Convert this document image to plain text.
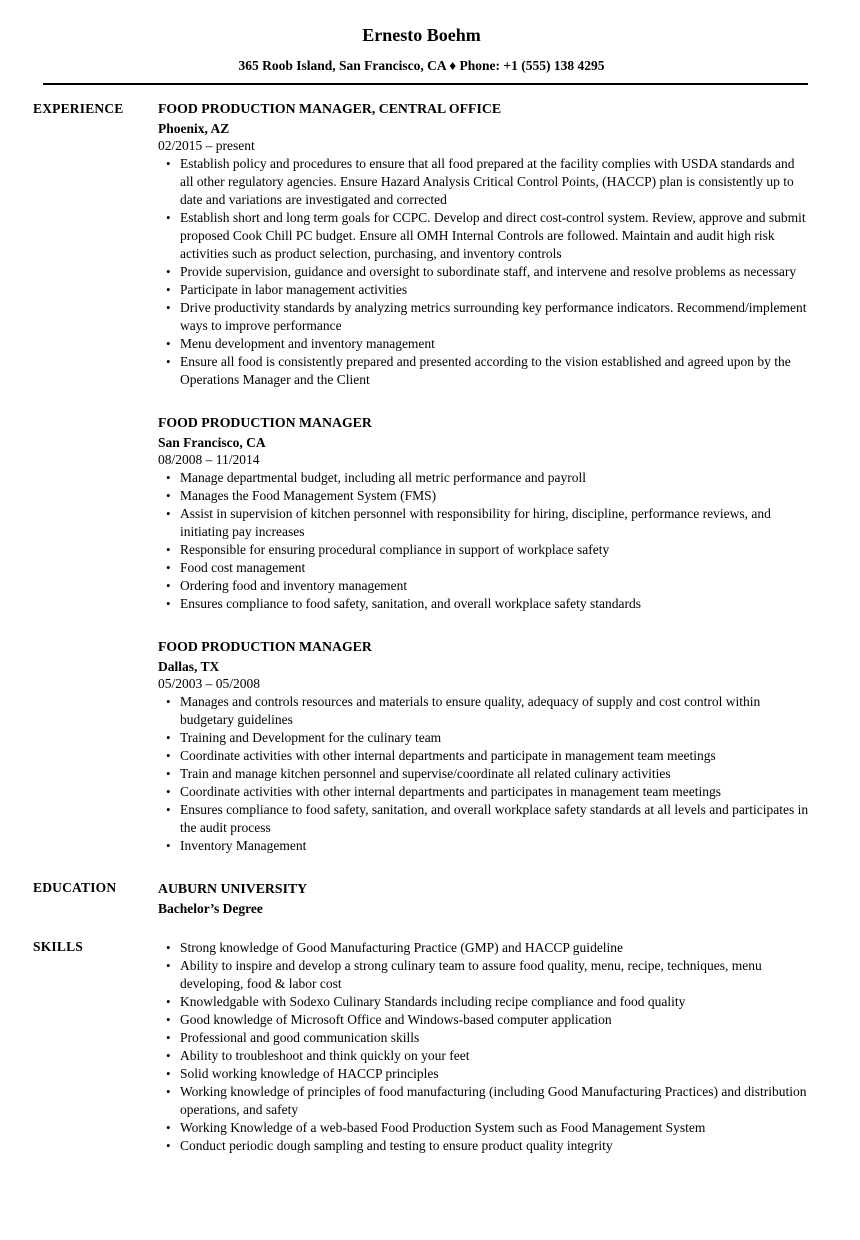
Ernesto Boehm
365 Roob Island, San Francisco, CA ♦ Phone: +1 (555) 138 4295
EXPERIENCE	FOOD PRODUCTION MANAGER, CENTRAL OFFICE
Phoenix, AZ
02/2015 – present
• Establish policy and procedures to ensure that all food prepared at the facility complies with USDA standards and all other regulatory agencies. Ensure Hazard Analysis Critical Control Points, (HACCP) plan is consistently up to date and variations are investigated and corrected
• Establish short and long term goals for CCPC. Develop and direct cost-control system. Review, approve and submit proposed Cook Chill PC budget. Ensure all OMH Internal Controls are followed. Maintain and audit high risk activities such as product selection, purchasing, and inventory controls
• Provide supervision, guidance and oversight to subordinate staff, and intervene and resolve problems as necessary
• Participate in labor management activities
• Drive productivity standards by analyzing metrics surrounding key performance indicators. Recommend/implement ways to improve performance
• Menu development and inventory management
• Ensure all food is consistently prepared and presented according to the vision established and agreed upon by the Operations Manager and the Client
FOOD PRODUCTION MANAGER
San Francisco, CA
08/2008 – 11/2014
• Manage departmental budget, including all metric performance and payroll
• Manages the Food Management System (FMS)
• Assist in supervision of kitchen personnel with responsibility for hiring, discipline, performance reviews, and initiating pay increases
• Responsible for ensuring procedural compliance in support of workplace safety
• Food cost management
• Ordering food and inventory management
• Ensures compliance to food safety, sanitation, and overall workplace safety standards
FOOD PRODUCTION MANAGER
Dallas, TX
05/2003 – 05/2008
• Manages and controls resources and materials to ensure quality, adequacy of supply and cost control within budgetary guidelines
• Training and Development for the culinary team
• Coordinate activities with other internal departments and participate in management team meetings
• Train and manage kitchen personnel and supervise/coordinate all related culinary activities
• Coordinate activities with other internal departments and participates in management team meetings
• Ensures compliance to food safety, sanitation, and overall workplace safety standards at all levels and participates in the audit process
• Inventory Management
EDUCATION	AUBURN UNIVERSITY
Bachelor’s Degree
SKILLS	• Strong knowledge of Good Manufacturing Practice (GMP) and HACCP guideline
• Ability to inspire and develop a strong culinary team to assure food quality, menu, recipe, techniques, menu developing, food & labor cost
• Knowledgable with Sodexo Culinary Standards including recipe compliance and food quality
• Good knowledge of Microsoft Office and Windows-based computer application
• Professional and good communication skills
• Ability to troubleshoot and think quickly on your feet
• Solid working knowledge of HACCP principles
• Working knowledge of principles of food manufacturing (including Good Manufacturing Practices) and distribution operations, and safety
• Working Knowledge of a web-based Food Production System such as Food Management System
• Conduct periodic dough sampling and testing to ensure product quality integrity
